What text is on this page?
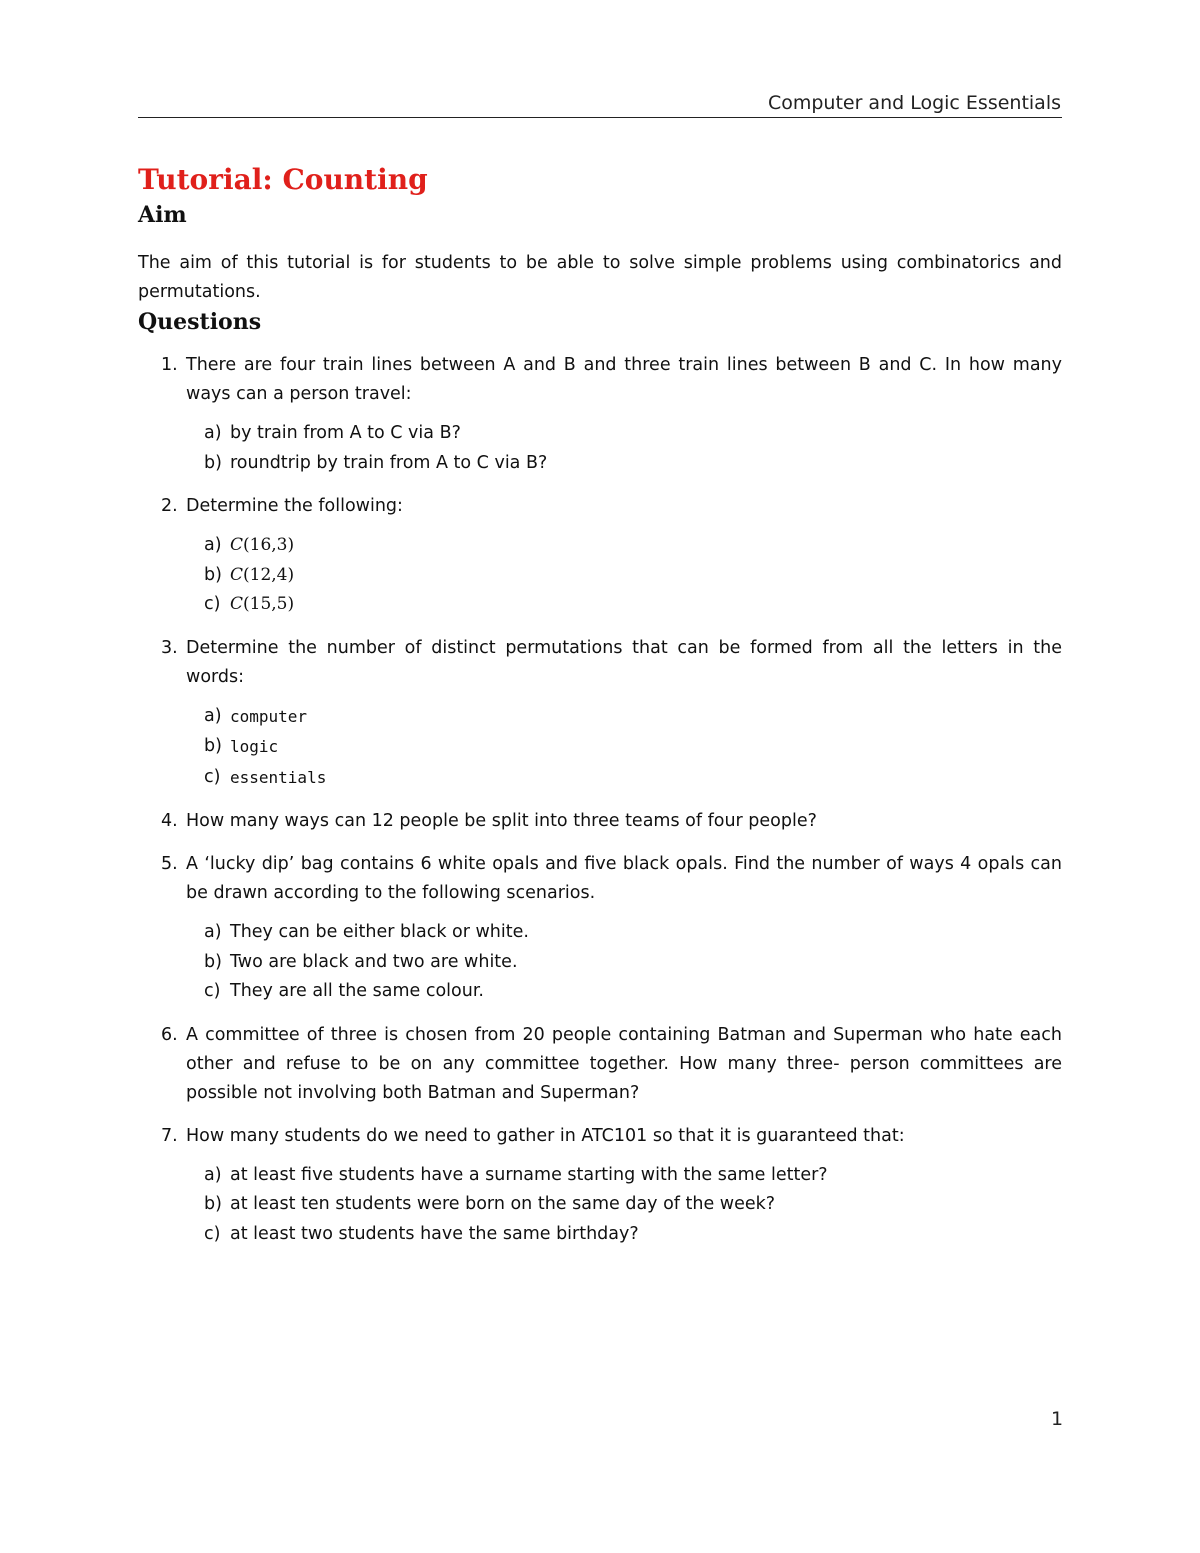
Computer and Logic Essentials
Tutorial: Counting
Aim

The aim of this tutorial is for students to be able to solve simple problems using combinatorics and permutations.

Questions
1. There are four train lines between A and B and three train lines between B and C. In how many ways can a person travel:
a) by train from A to C via B?
b) roundtrip by train from A to C via B?
2. Determine the following:
a) C(16,3)
b) C(12,4)
c) C(15,5)
3. Determine the number of distinct permutations that can be formed from all the letters in the words:
a) computer
b) logic
c) essentials
4. How many ways can 12 people be split into three teams of four people?
5. A ‘lucky dip’ bag contains 6 white opals and five black opals. Find the number of ways 4 opals can be drawn according to the following scenarios.
a) They can be either black or white.
b) Two are black and two are white.
c) They are all the same colour.
6. A committee of three is chosen from 20 people containing Batman and Superman who hate each other and refuse to be on any committee together. How many three- person committees are possible not involving both Batman and Superman?
7. How many students do we need to gather in ATC101 so that it is guaranteed that:
a) at least five students have a surname starting with the same letter?
b) at least ten students were born on the same day of the week?
c) at least two students have the same birthday?
1
